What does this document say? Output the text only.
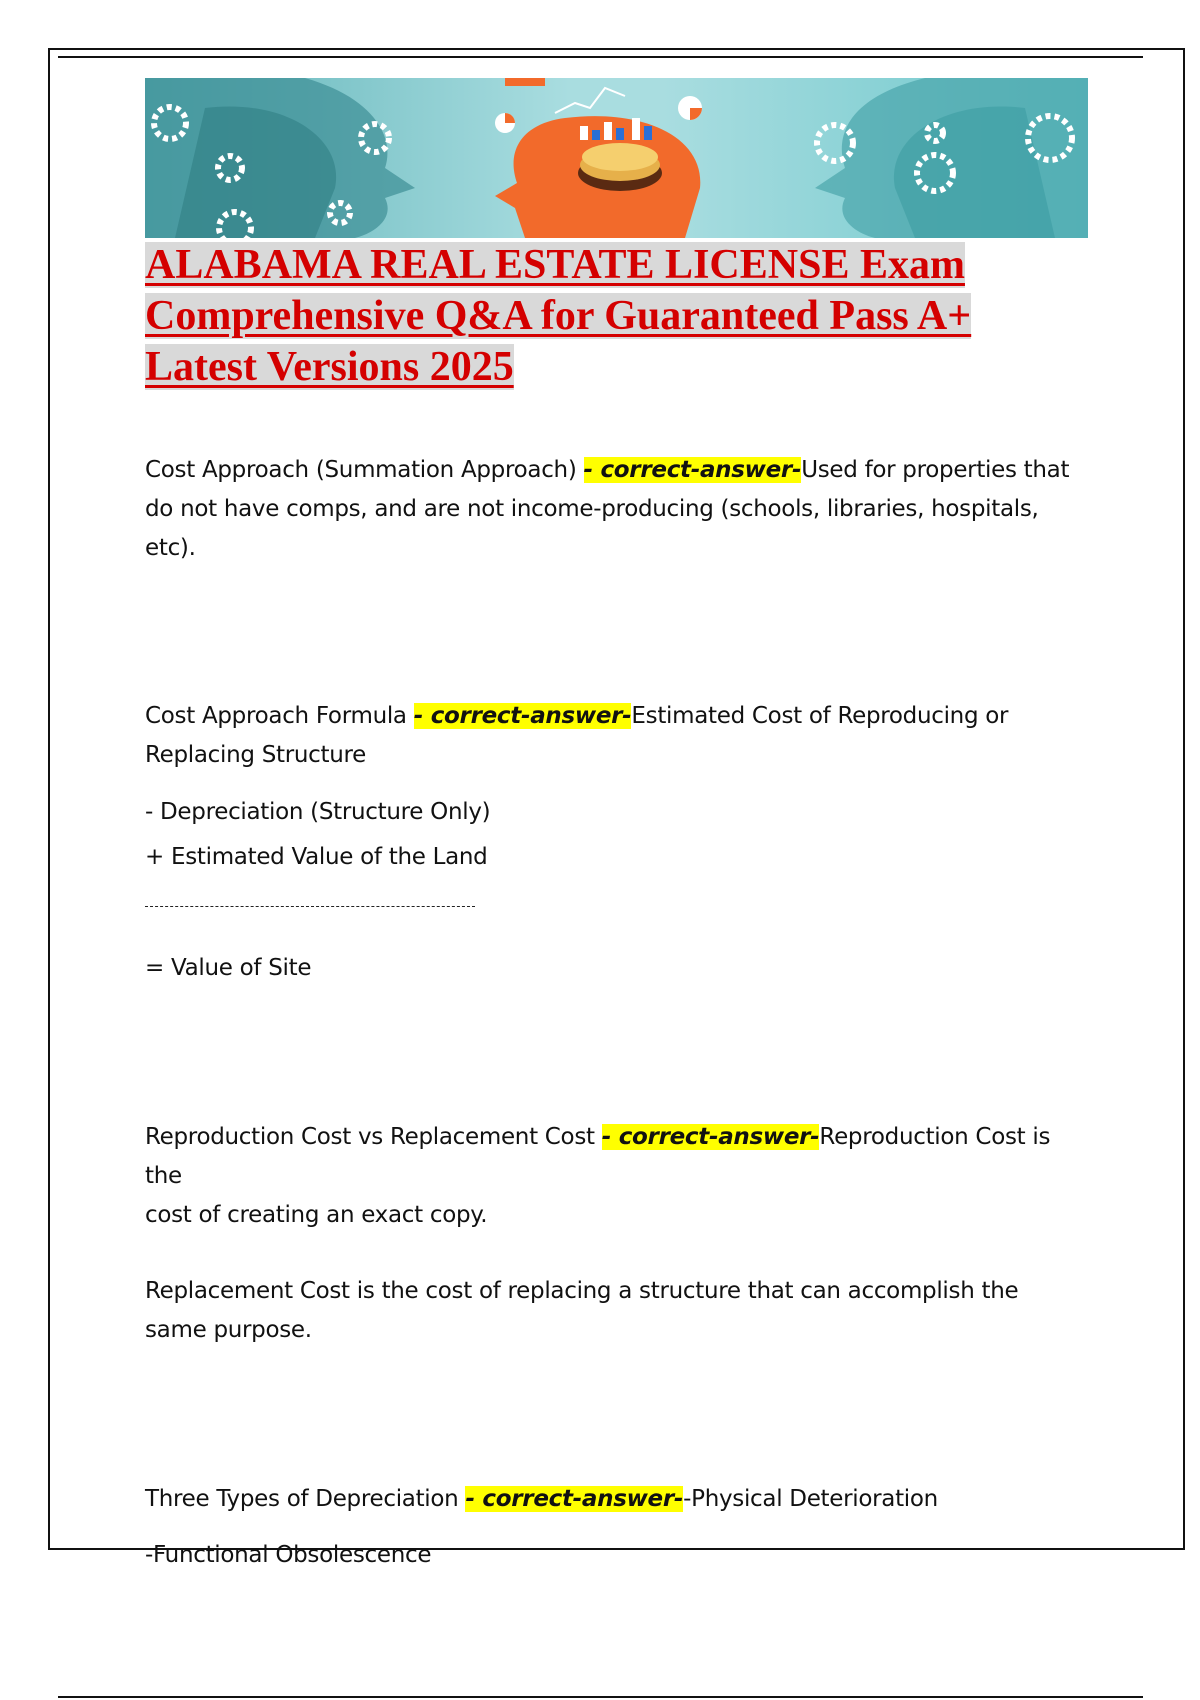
ALABAMA REAL ESTATE LICENSE Exam
Comprehensive Q&A for Guaranteed Pass A+
Latest Versions 2025

Cost Approach (Summation Approach) - correct-answer-Used for properties that do not have comps, and are not income-producing (schools, libraries, hospitals, etc).

Cost Approach Formula - correct-answer-Estimated Cost of Reproducing or
Replacing Structure

- Depreciation (Structure Only)

+ Estimated Value of the Land

= Value of Site

Reproduction Cost vs Replacement Cost - correct-answer-Reproduction Cost is the
cost of creating an exact copy.

Replacement Cost is the cost of replacing a structure that can accomplish the same purpose.

Three Types of Depreciation - correct-answer--Physical Deterioration

-Functional Obsolescence
